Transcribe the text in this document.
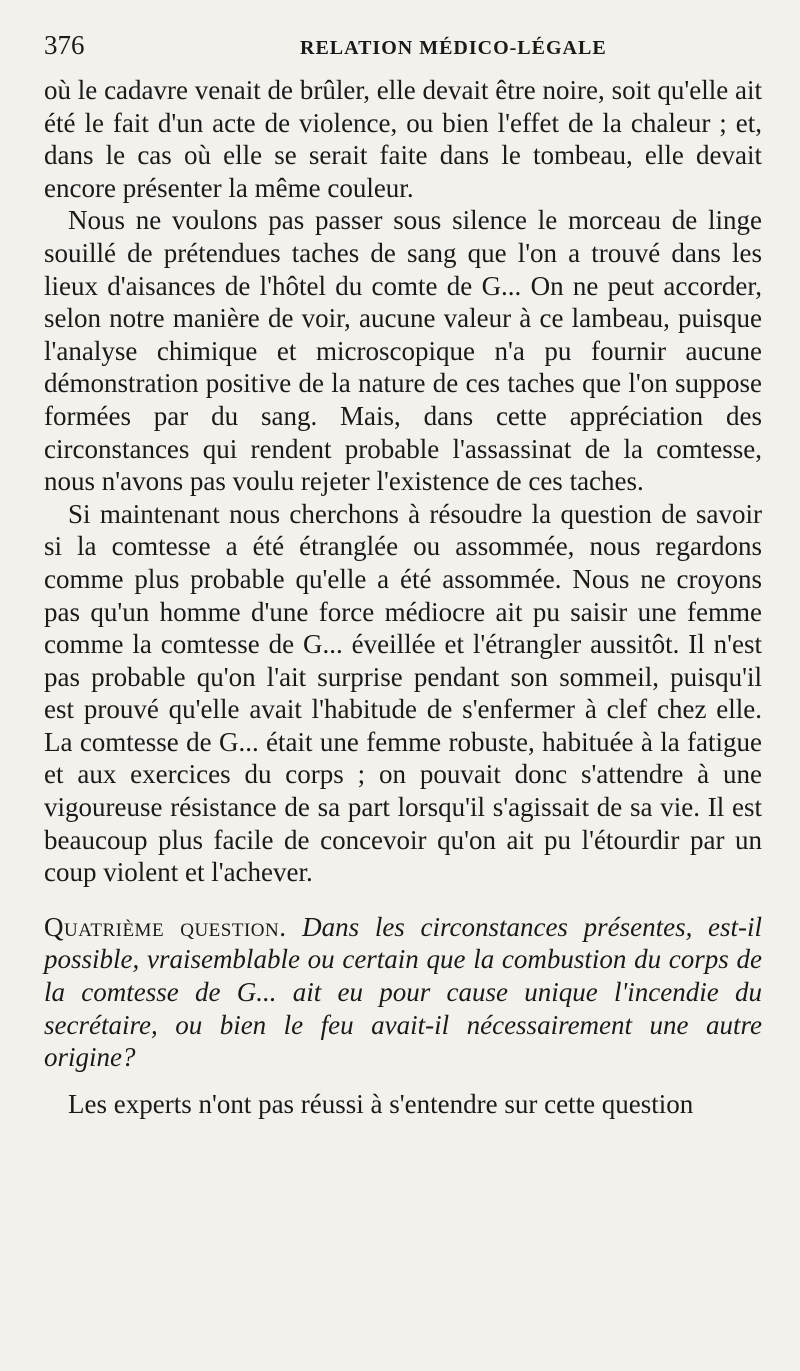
376	RELATION MÉDICO-LÉGALE

où le cadavre venait de brûler, elle devait être noire, soit qu'elle ait été le fait d'un acte de violence, ou bien l'effet de la chaleur ; et, dans le cas où elle se serait faite dans le tombeau, elle devait encore présenter la même couleur.

Nous ne voulons pas passer sous silence le morceau de linge souillé de prétendues taches de sang que l'on a trouvé dans les lieux d'aisances de l'hôtel du comte de G... On ne peut accorder, selon notre manière de voir, aucune valeur à ce lambeau, puisque l'analyse chimique et microscopique n'a pu fournir aucune démonstration positive de la nature de ces taches que l'on suppose formées par du sang. Mais, dans cette appréciation des circonstances qui rendent probable l'assassinat de la comtesse, nous n'avons pas voulu rejeter l'existence de ces taches.

Si maintenant nous cherchons à résoudre la question de savoir si la comtesse a été étranglée ou assommée, nous regardons comme plus probable qu'elle a été assommée. Nous ne croyons pas qu'un homme d'une force médiocre ait pu saisir une femme comme la comtesse de G... éveillée et l'étrangler aussitôt. Il n'est pas probable qu'on l'ait surprise pendant son sommeil, puisqu'il est prouvé qu'elle avait l'habitude de s'enfermer à clef chez elle. La comtesse de G... était une femme robuste, habituée à la fatigue et aux exercices du corps ; on pouvait donc s'attendre à une vigoureuse résistance de sa part lorsqu'il s'agissait de sa vie. Il est beaucoup plus facile de concevoir qu'on ait pu l'étourdir par un coup violent et l'achever.

Quatrième question. Dans les circonstances présentes, est-il possible, vraisemblable ou certain que la combustion du corps de la comtesse de G... ait eu pour cause unique l'incendie du secrétaire, ou bien le feu avait-il nécessairement une autre origine?

Les experts n'ont pas réussi à s'entendre sur cette question
